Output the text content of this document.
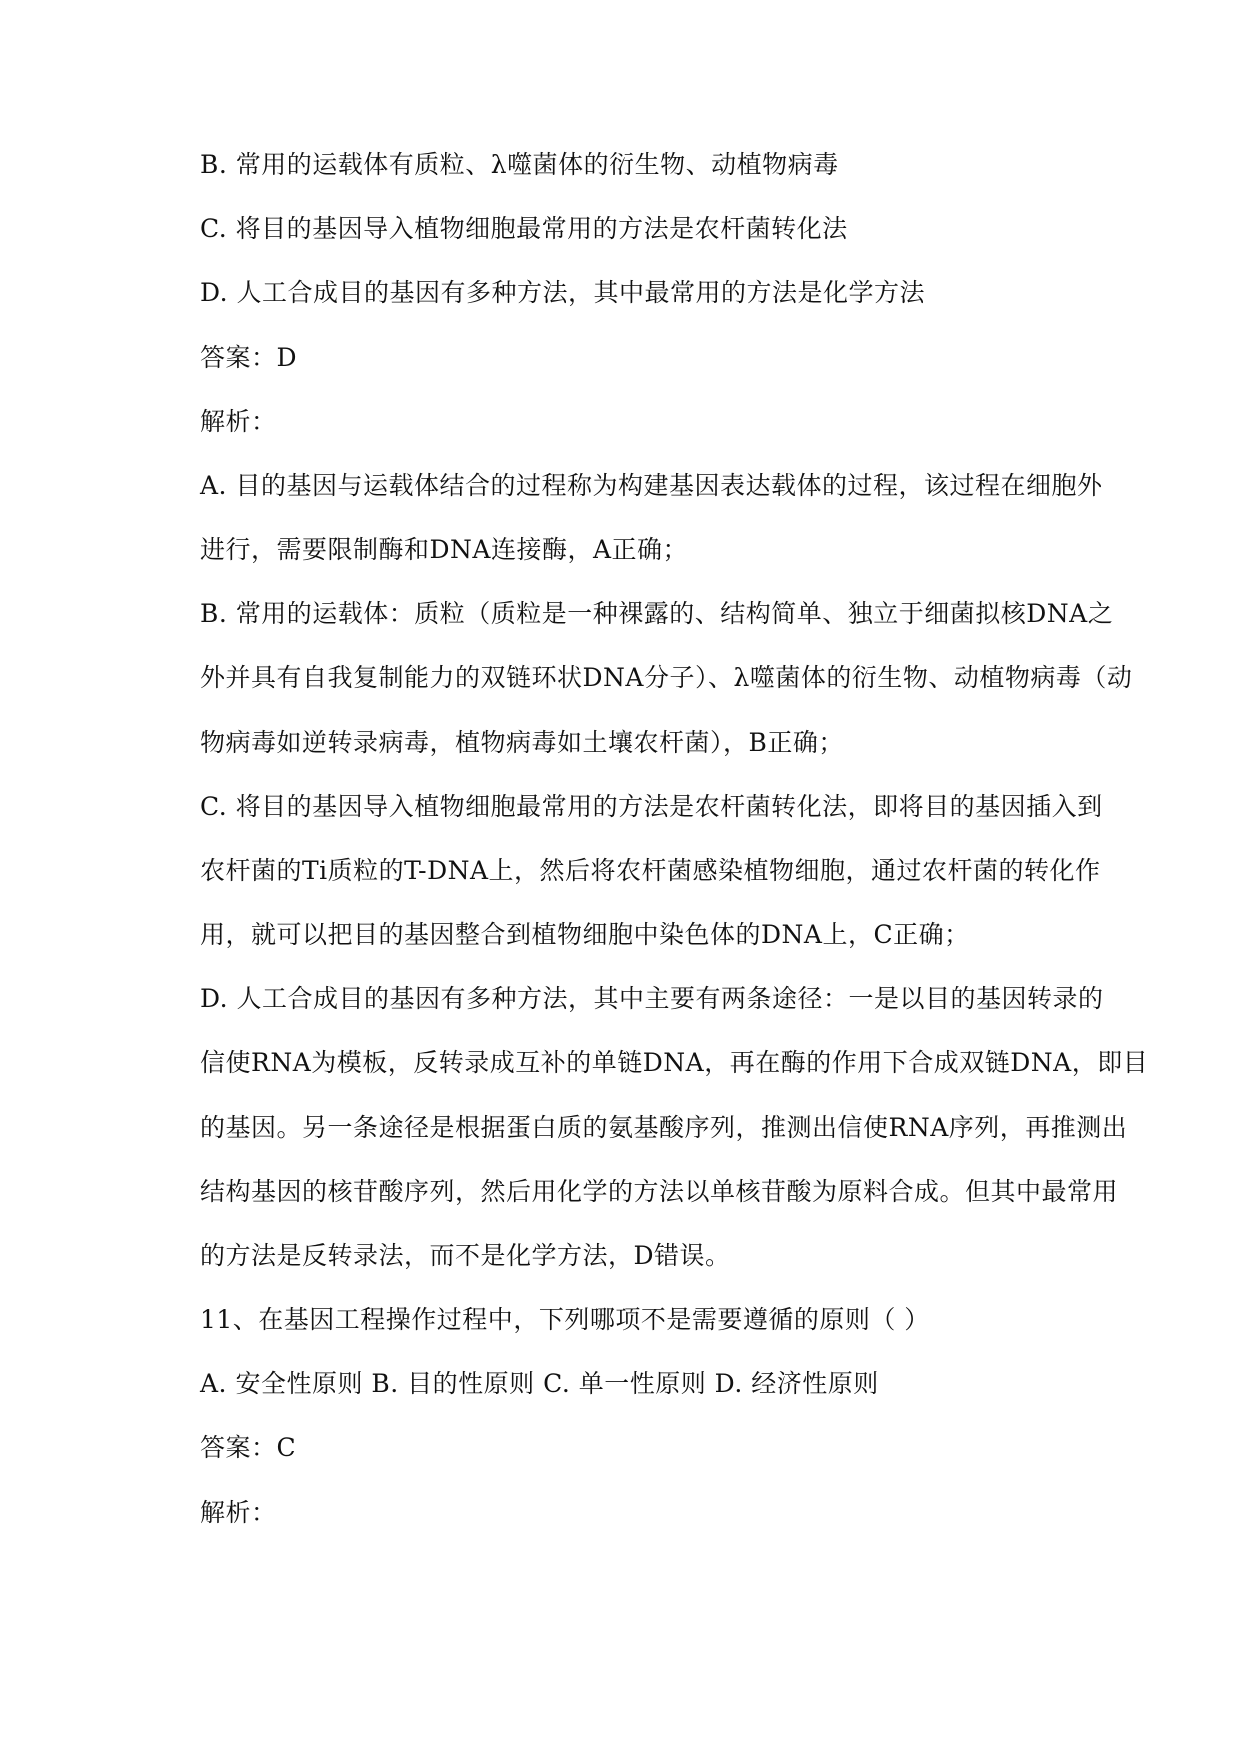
B. 常用的运载体有质粒、λ噬菌体的衍生物、动植物病毒
C. 将目的基因导入植物细胞最常用的方法是农杆菌转化法
D. 人工合成目的基因有多种方法，其中最常用的方法是化学方法
答案：D
解析：
A. 目的基因与运载体结合的过程称为构建基因表达载体的过程，该过程在细胞外
进行，需要限制酶和DNA连接酶，A正确；
B. 常用的运载体：质粒（质粒是一种裸露的、结构简单、独立于细菌拟核DNA之
外并具有自我复制能力的双链环状DNA分子）、λ噬菌体的衍生物、动植物病毒（动
物病毒如逆转录病毒，植物病毒如土壤农杆菌），B正确；
C. 将目的基因导入植物细胞最常用的方法是农杆菌转化法，即将目的基因插入到
农杆菌的Ti质粒的T-DNA上，然后将农杆菌感染植物细胞，通过农杆菌的转化作
用，就可以把目的基因整合到植物细胞中染色体的DNA上，C正确；
D. 人工合成目的基因有多种方法，其中主要有两条途径：一是以目的基因转录的
信使RNA为模板，反转录成互补的单链DNA，再在酶的作用下合成双链DNA，即目
的基因。另一条途径是根据蛋白质的氨基酸序列，推测出信使RNA序列，再推测出
结构基因的核苷酸序列，然后用化学的方法以单核苷酸为原料合成。但其中最常用
的方法是反转录法，而不是化学方法，D错误。
11、在基因工程操作过程中，下列哪项不是需要遵循的原则（ ）
A. 安全性原则 B. 目的性原则 C. 单一性原则 D. 经济性原则
答案：C
解析：
